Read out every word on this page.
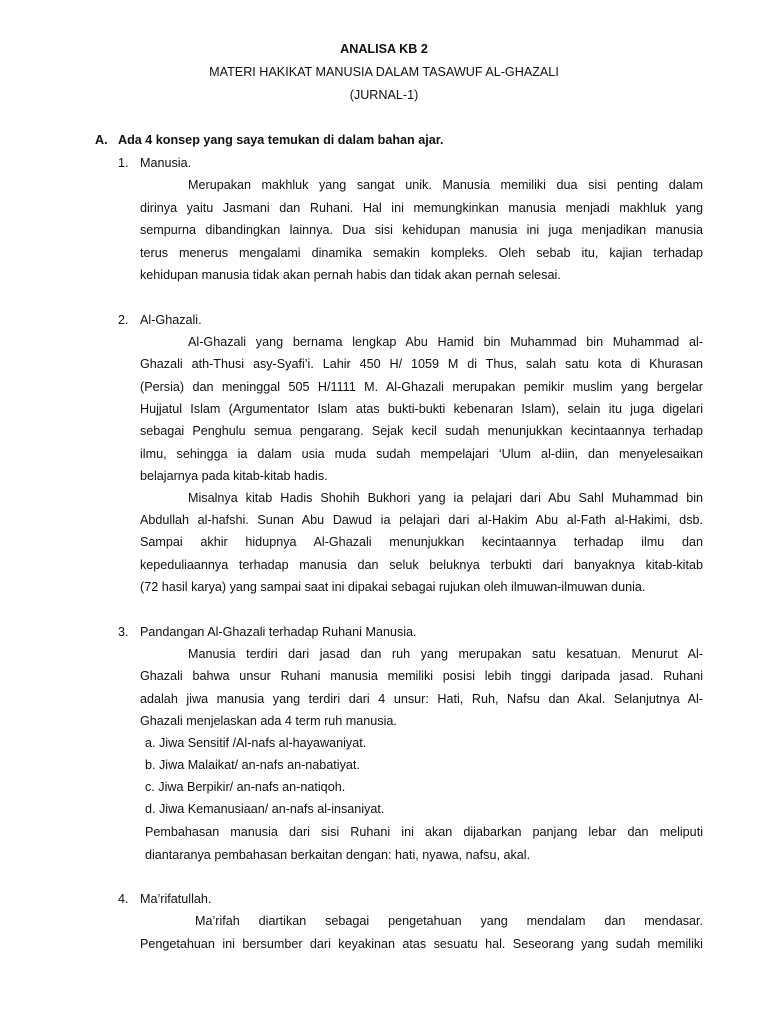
ANALISA KB 2
MATERI HAKIKAT MANUSIA DALAM TASAWUF AL-GHAZALI
(JURNAL-1)
A. Ada 4 konsep yang saya temukan di dalam bahan ajar.
1. Manusia.
Merupakan makhluk yang sangat unik. Manusia memiliki dua sisi penting dalam
dirinya yaitu Jasmani dan Ruhani. Hal ini memungkinkan manusia menjadi makhluk yang
sempurna dibandingkan lainnya. Dua sisi kehidupan manusia ini juga menjadikan manusia
terus menerus mengalami dinamika semakin kompleks. Oleh sebab itu, kajian terhadap
kehidupan manusia tidak akan pernah habis dan tidak akan pernah selesai.
2. Al-Ghazali.
Al-Ghazali yang bernama lengkap Abu Hamid bin Muhammad bin Muhammad al-
Ghazali ath-Thusi asy-Syafi’i. Lahir 450 H/ 1059 M di Thus, salah satu kota di Khurasan
(Persia) dan meninggal 505 H/1111 M. Al-Ghazali merupakan pemikir muslim yang bergelar
Hujjatul Islam (Argumentator Islam atas bukti-bukti kebenaran Islam), selain itu juga digelari
sebagai Penghulu semua pengarang. Sejak kecil sudah menunjukkan kecintaannya terhadap
ilmu, sehingga ia dalam usia muda sudah mempelajari ‘Ulum al-diin, dan menyelesaikan
belajarnya pada kitab-kitab hadis.
Misalnya kitab Hadis Shohih Bukhori yang ia pelajari dari Abu Sahl Muhammad bin
Abdullah al-hafshi. Sunan Abu Dawud ia pelajari dari al-Hakim Abu al-Fath al-Hakimi, dsb.
Sampai akhir hidupnya Al-Ghazali menunjukkan kecintaannya terhadap ilmu dan
kepeduliaannya terhadap manusia dan seluk beluknya terbukti dari banyaknya kitab-kitab
(72 hasil karya) yang sampai saat ini dipakai sebagai rujukan oleh ilmuwan-ilmuwan dunia.
3. Pandangan Al-Ghazali terhadap Ruhani Manusia.
Manusia terdiri dari jasad dan ruh yang merupakan satu kesatuan. Menurut Al-
Ghazali bahwa unsur Ruhani manusia memiliki posisi lebih tinggi daripada jasad. Ruhani
adalah jiwa manusia yang terdiri dari 4 unsur: Hati, Ruh, Nafsu dan Akal. Selanjutnya Al-
Ghazali menjelaskan ada 4 term ruh manusia.
a. Jiwa Sensitif /Al-nafs al-hayawaniyat.
b. Jiwa Malaikat/ an-nafs an-nabatiyat.
c. Jiwa Berpikir/ an-nafs an-natiqoh.
d. Jiwa Kemanusiaan/ an-nafs al-insaniyat.
Pembahasan manusia dari sisi Ruhani ini akan dijabarkan panjang lebar dan meliputi
diantaranya pembahasan berkaitan dengan: hati, nyawa, nafsu, akal.
4. Ma’rifatullah.
Ma’rifah diartikan sebagai pengetahuan yang mendalam dan mendasar.
Pengetahuan ini bersumber dari keyakinan atas sesuatu hal. Seseorang yang sudah memiliki
